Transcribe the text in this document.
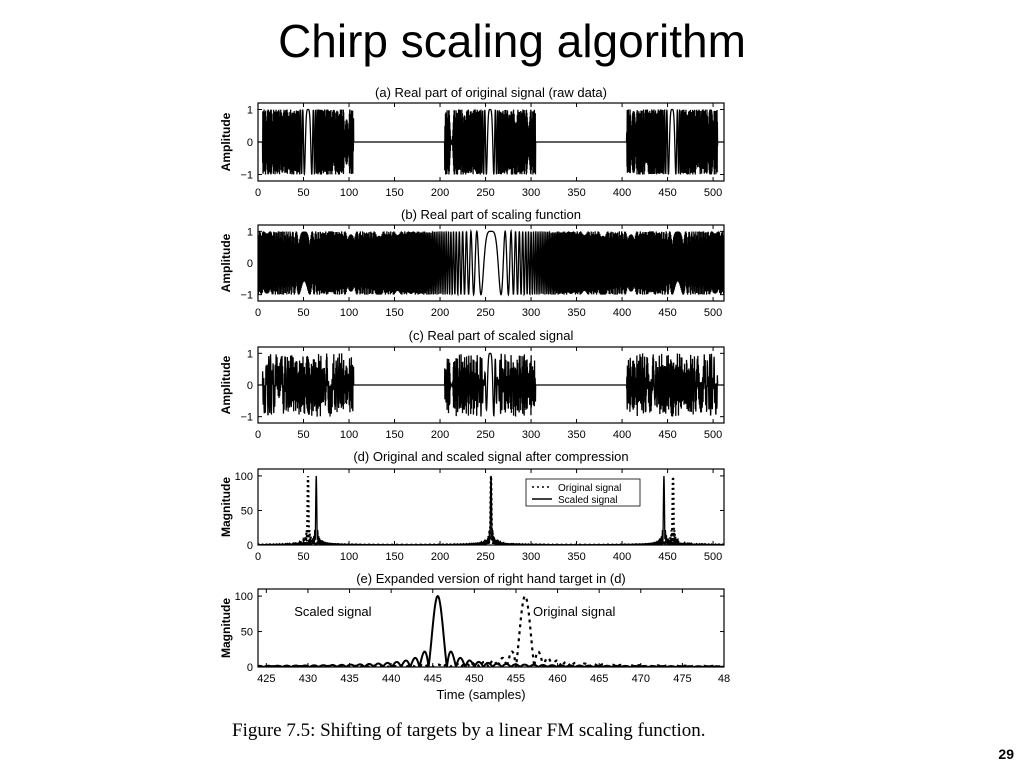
Chirp scaling algorithm
(a) Real part of original signal (raw data)
0	50	100 150 200 250 300 350 400 450 500
1
0
−1
Amplitude
(b) Real part of scaling function
0	50	100 150 200 250 300 350 400 450 500
1
0
−1
Amplitude
(c) Real part of scaled signal
0	50	100 150 200 250 300 350 400 450 500
1
0
−1
Amplitude
(d) Original and scaled signal after compression
0	50	100 150 200 250 300 350 400 450 500
0
50
100
Magnitude	Original signal
Scaled signal
(e) Expanded version of right hand target in (d)
425 430 435 440 445 450 455 460 465 470 475 48
0
50
100
Magnitude
Time (samples)
Scaled signal	Original signal
Figure 7.5: Shifting of targets by a linear FM scaling function.
29
